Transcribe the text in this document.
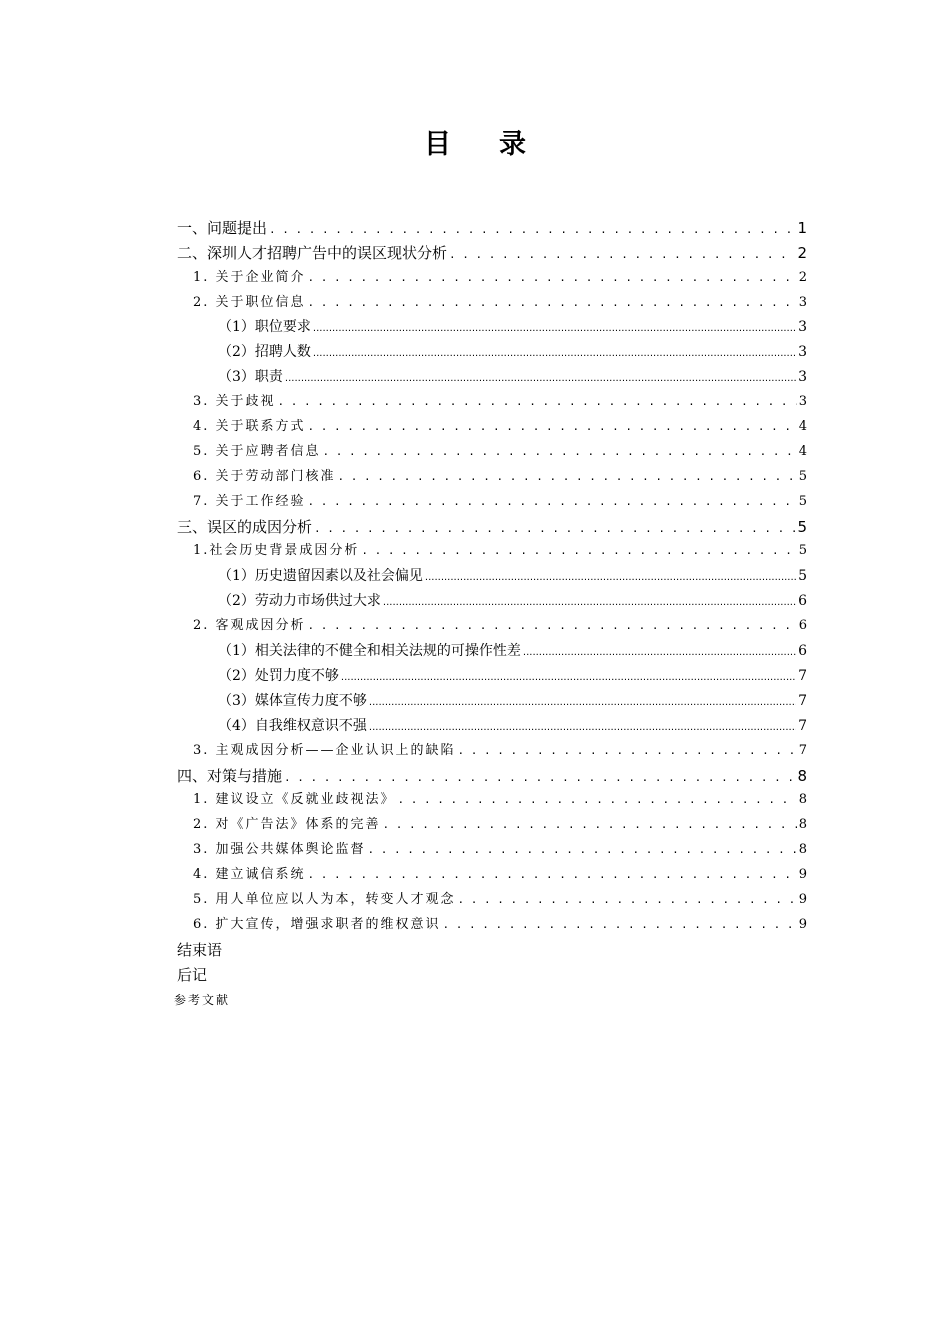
目 录
一、问题提出 . . .	1
二、深圳人才招聘广告中的误区现状分析 . . .	2
1. 关于企业简介 . . .	2
2. 关于职位信息 . . .	3
（1）职位要求 .....	3
（2）招聘人数 .....	3
（3）职责 .....	3
3. 关于歧视 . . .	3
4. 关于联系方式 . . .	4
5. 关于应聘者信息 . . .	4
6. 关于劳动部门核准 . . .	5
7. 关于工作经验 . . .	5
三、误区的成因分析 . . .	5
1.社会历史背景成因分析 . . .	5
（1）历史遗留因素以及社会偏见 .....	5
（2）劳动力市场供过大求 .....	6
2. 客观成因分析 . . .	6
（1）相关法律的不健全和相关法规的可操作性差 .....	6
（2）处罚力度不够 .....	7
（3）媒体宣传力度不够 .....	7
（4）自我维权意识不强 .....	7
3. 主观成因分析——企业认识上的缺陷 . . .	7
四、对策与措施 . . .	8
1. 建议设立《反就业歧视法》 . . .	8
2. 对《广告法》体系的完善 . . .	8
3. 加强公共媒体舆论监督 . . .	8
4. 建立诚信系统 . . .	9
5. 用人单位应以人为本，转变人才观念 . . .	9
6. 扩大宣传，增强求职者的维权意识 . . .	9
结束语
后记
参考文献
